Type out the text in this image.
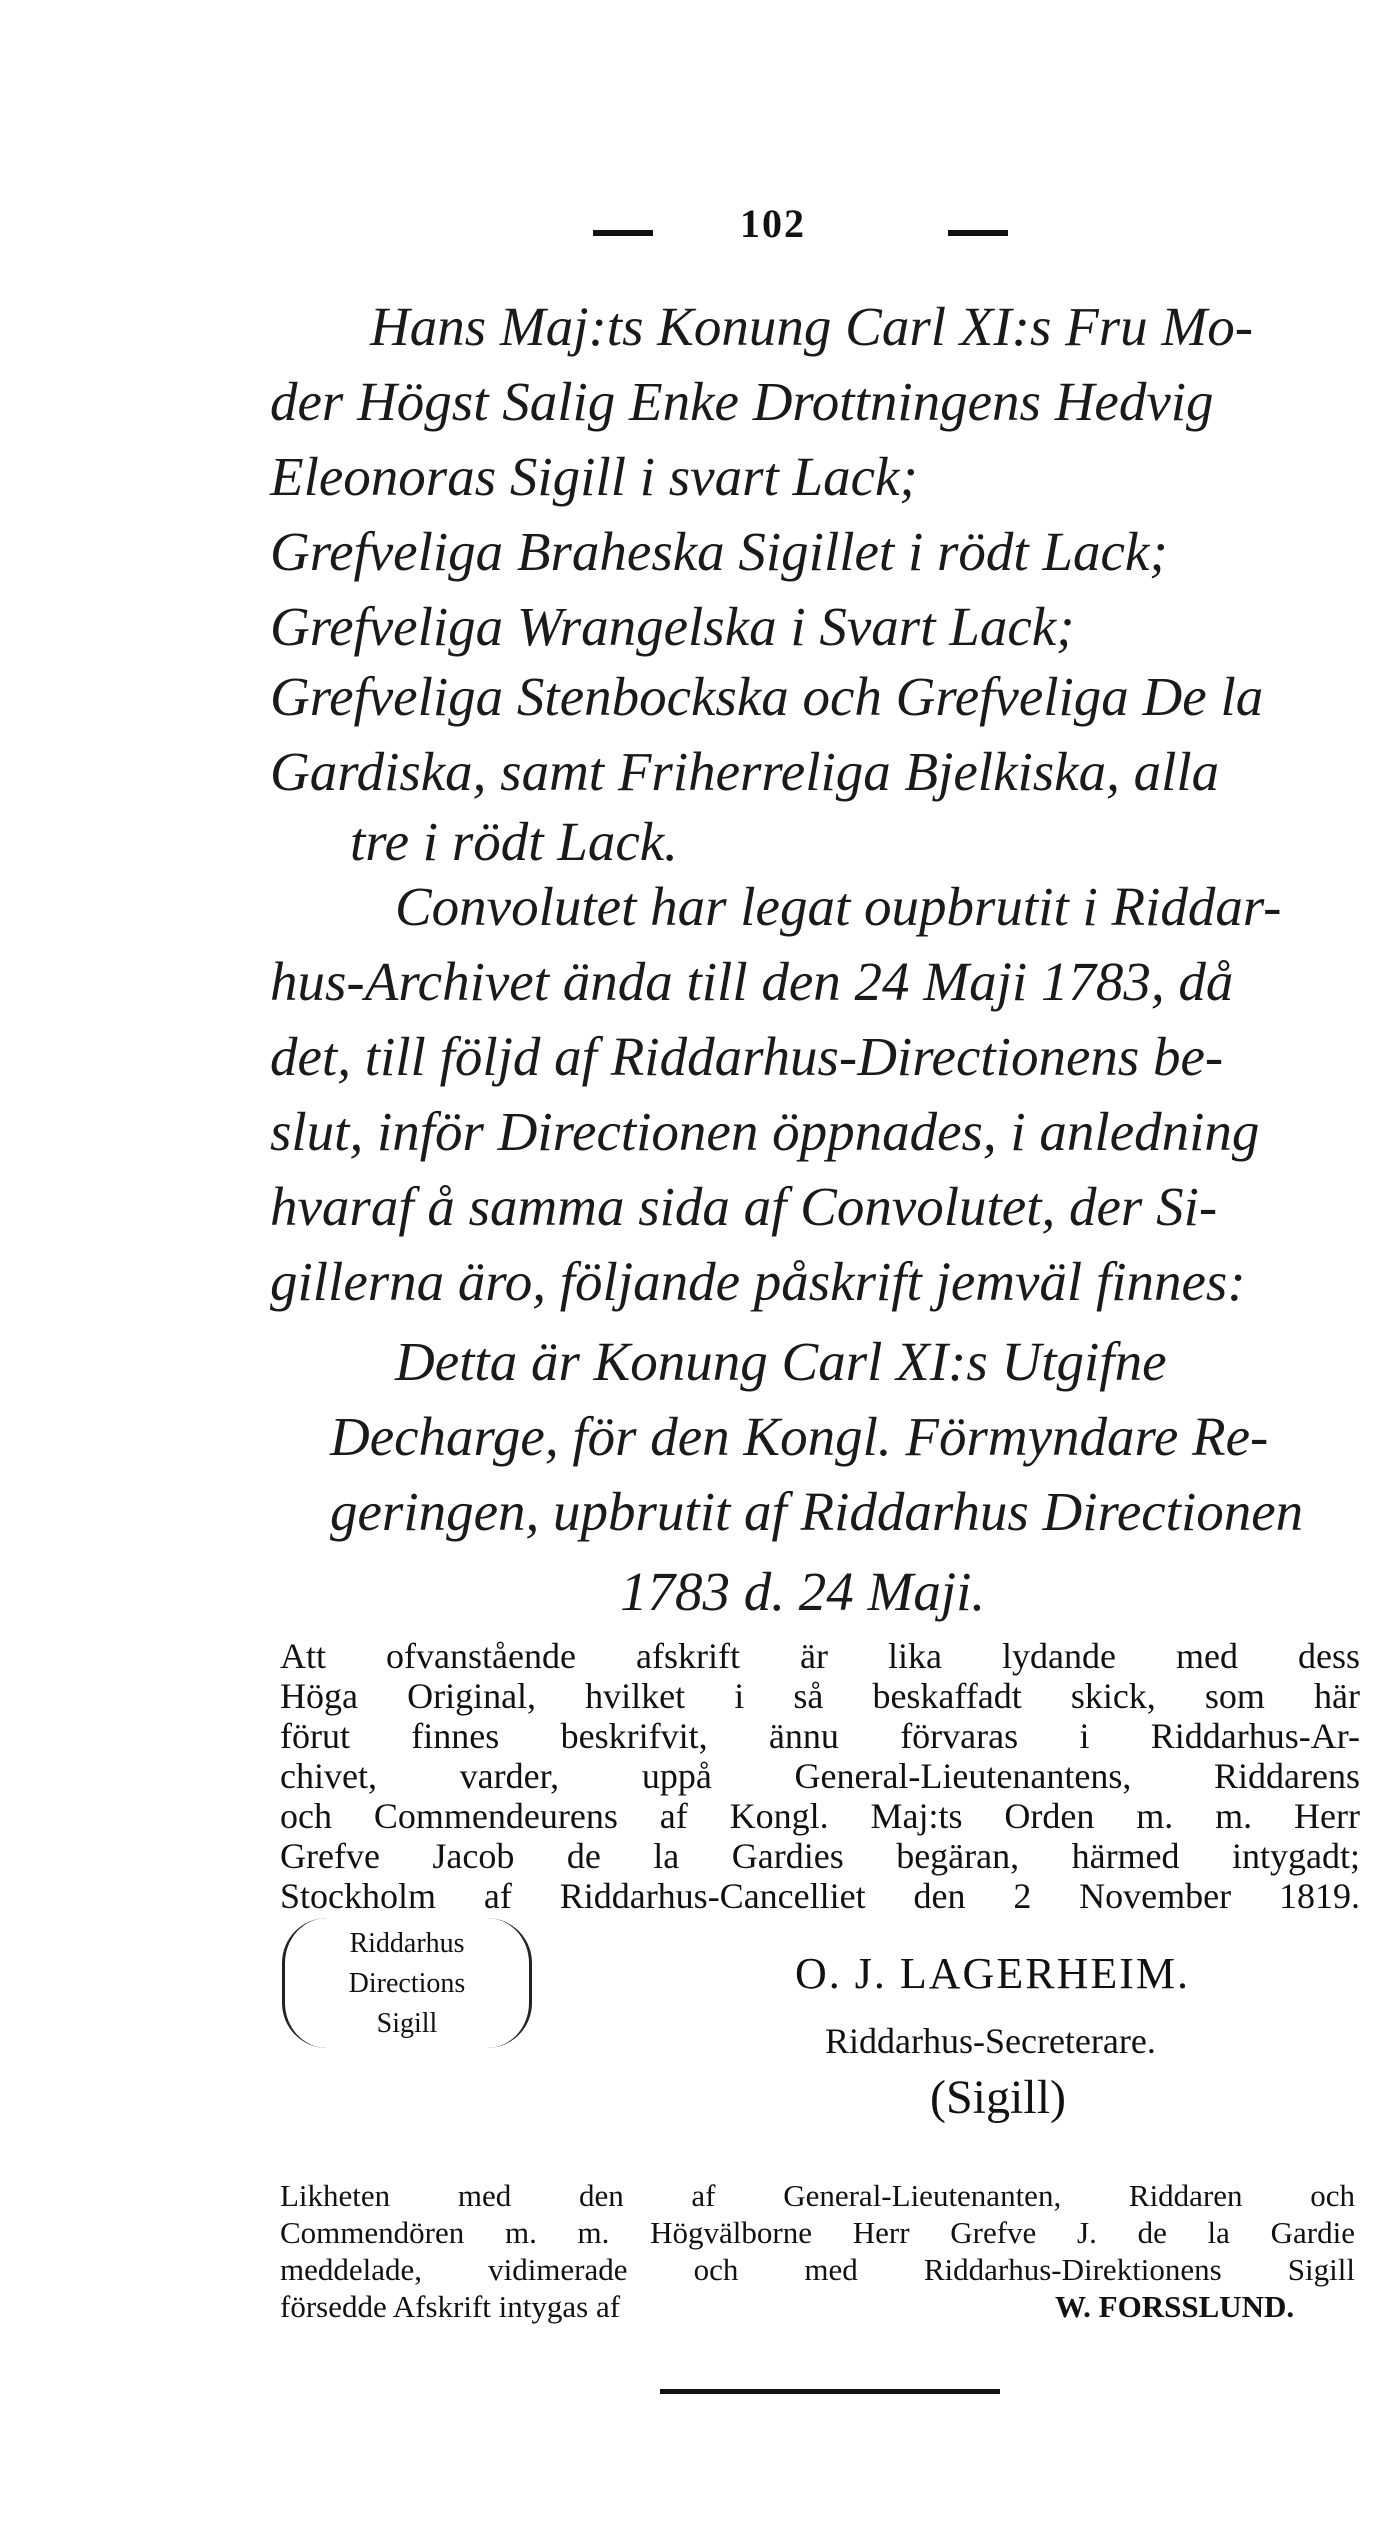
102
Hans Maj:ts Konung Carl XI:s Fru Mo-
der Högst Salig Enke Drottningens Hedvig
Eleonoras Sigill i svart Lack;
Grefveliga Braheska Sigillet i rödt Lack;
Grefveliga Wrangelska i Svart Lack;
Grefveliga Stenbockska och Grefveliga De la
Gardiska, samt Friherreliga Bjelkiska, alla
tre i rödt Lack.
Convolutet har legat oupbrutit i Riddar-
hus-Archivet ända till den 24 Maji 1783, då
det, till följd af Riddarhus-Directionens be-
slut, inför Directionen öppnades, i anledning
hvaraf å samma sida af Convolutet, der Si-
gillerna äro, följande påskrift jemväl finnes:
Detta är Konung Carl XI:s Utgifne
Decharge, för den Kongl. Förmyndare Re-
geringen, upbrutit af Riddarhus Directionen
1783 d. 24 Maji.
Att ofvanstående afskrift är lika lydande med dess
Höga Original, hvilket i så beskaffadt skick, som här
förut finnes beskrifvit, ännu förvaras i Riddarhus-Ar-
chivet, varder, uppå General-Lieutenantens, Riddarens
och Commendeurens af Kongl. Maj:ts Orden m. m. Herr
Grefve Jacob de la Gardies begäran, härmed intygadt;
Stockholm af Riddarhus-Cancelliet den 2 November 1819.
Riddarhus
Directions
Sigill
O. J. LAGERHEIM.
Riddarhus-Secreterare.
(Sigill)
Likheten med den af General-Lieutenanten, Riddaren och
Commendören m. m. Högvälborne Herr Grefve J. de la Gardie
meddelade, vidimerade och med Riddarhus-Direktionens Sigill
försedde Afskrift intygas af	W. FORSSLUND.
